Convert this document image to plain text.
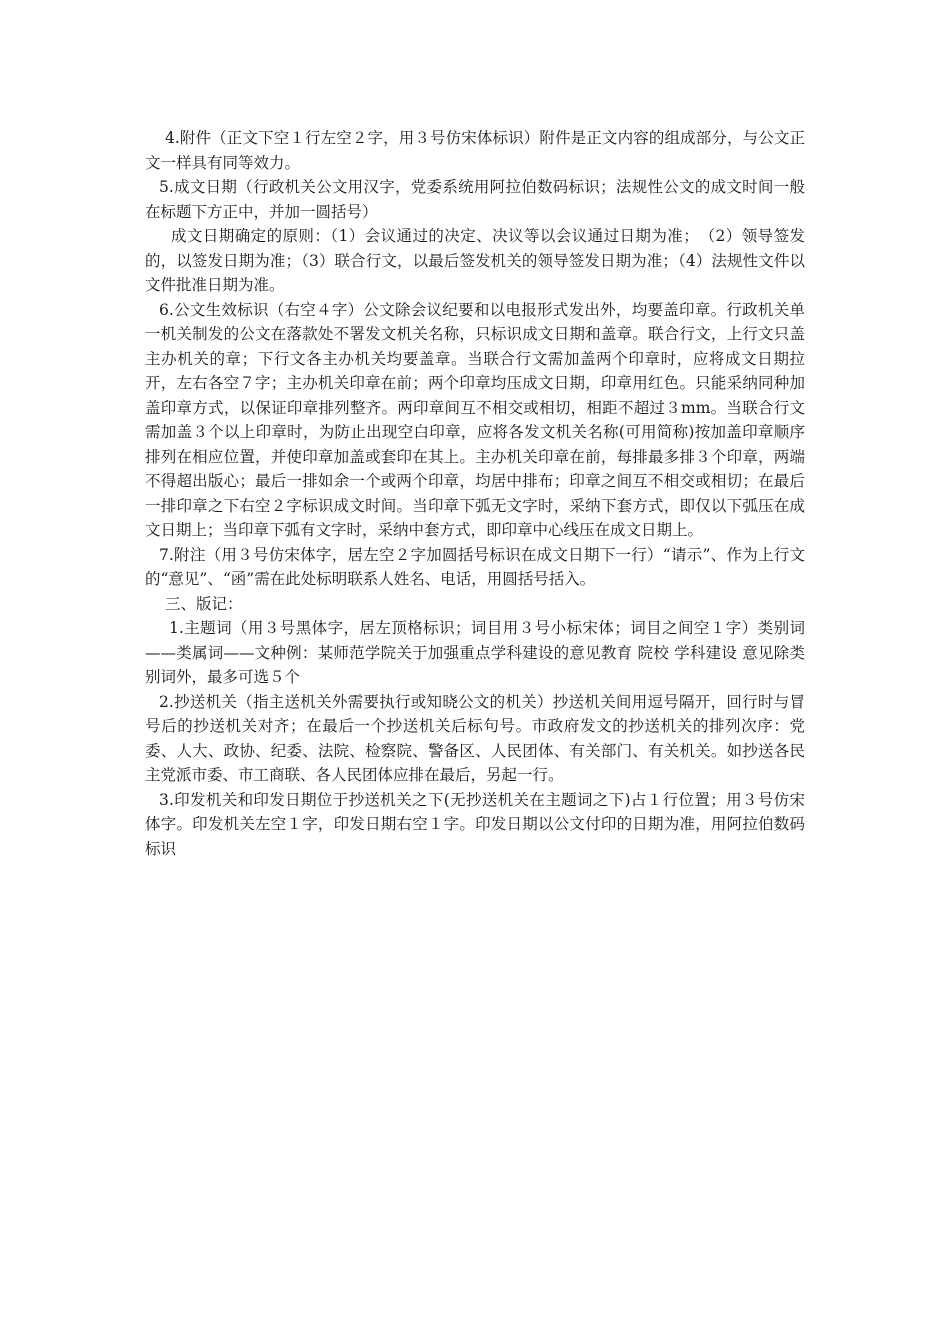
4.附件（正文下空１行左空２字，用３号仿宋体标识）附件是正文内容的组成部分，与公文正文一样具有同等效力。

5.成文日期（行政机关公文用汉字，党委系统用阿拉伯数码标识；法规性公文的成文时间一般在标题下方正中，并加一圆括号）

成文日期确定的原则：（1）会议通过的决定、决议等以会议通过日期为准；　（2）领导签发的，以签发日期为准；（3）联合行文，以最后签发机关的领导签发日期为准；（4）法规性文件以文件批准日期为准。

6.公文生效标识（右空４字）公文除会议纪要和以电报形式发出外，均要盖印章。行政机关单一机关制发的公文在落款处不署发文机关名称，只标识成文日期和盖章。联合行文，上行文只盖主办机关的章；下行文各主办机关均要盖章。当联合行文需加盖两个印章时，应将成文日期拉开，左右各空７字；主办机关印章在前；两个印章均压成文日期，印章用红色。只能采纳同种加盖印章方式，以保证印章排列整齐。两印章间互不相交或相切，相距不超过３mm。当联合行文需加盖３个以上印章时，为防止出现空白印章，应将各发文机关名称(可用简称)按加盖印章顺序排列在相应位置，并使印章加盖或套印在其上。主办机关印章在前，每排最多排３个印章，两端不得超出版心；最后一排如余一个或两个印章，均居中排布；印章之间互不相交或相切；在最后一排印章之下右空２字标识成文时间。当印章下弧无文字时，采纳下套方式，即仅以下弧压在成文日期上；当印章下弧有文字时，采纳中套方式，即印章中心线压在成文日期上。

7.附注（用３号仿宋体字，居左空２字加圆括号标识在成文日期下一行）“请示”、作为上行文的“意见”、“函”需在此处标明联系人姓名、电话，用圆括号括入。

三、版记：

1.主题词（用３号黑体字，居左顶格标识；词目用３号小标宋体；词目之间空１字）类别词——类属词——文种例：某师范学院关于加强重点学科建设的意见教育 院校 学科建设 意见除类别词外，最多可选５个

2.抄送机关（指主送机关外需要执行或知晓公文的机关）抄送机关间用逗号隔开，回行时与冒号后的抄送机关对齐；在最后一个抄送机关后标句号。市政府发文的抄送机关的排列次序：党委、人大、政协、纪委、法院、检察院、警备区、人民团体、有关部门、有关机关。如抄送各民主党派市委、市工商联、各人民团体应排在最后，另起一行。

3.印发机关和印发日期位于抄送机关之下(无抄送机关在主题词之下)占１行位置；用３号仿宋体字。印发机关左空１字，印发日期右空１字。印发日期以公文付印的日期为准，用阿拉伯数码标识
